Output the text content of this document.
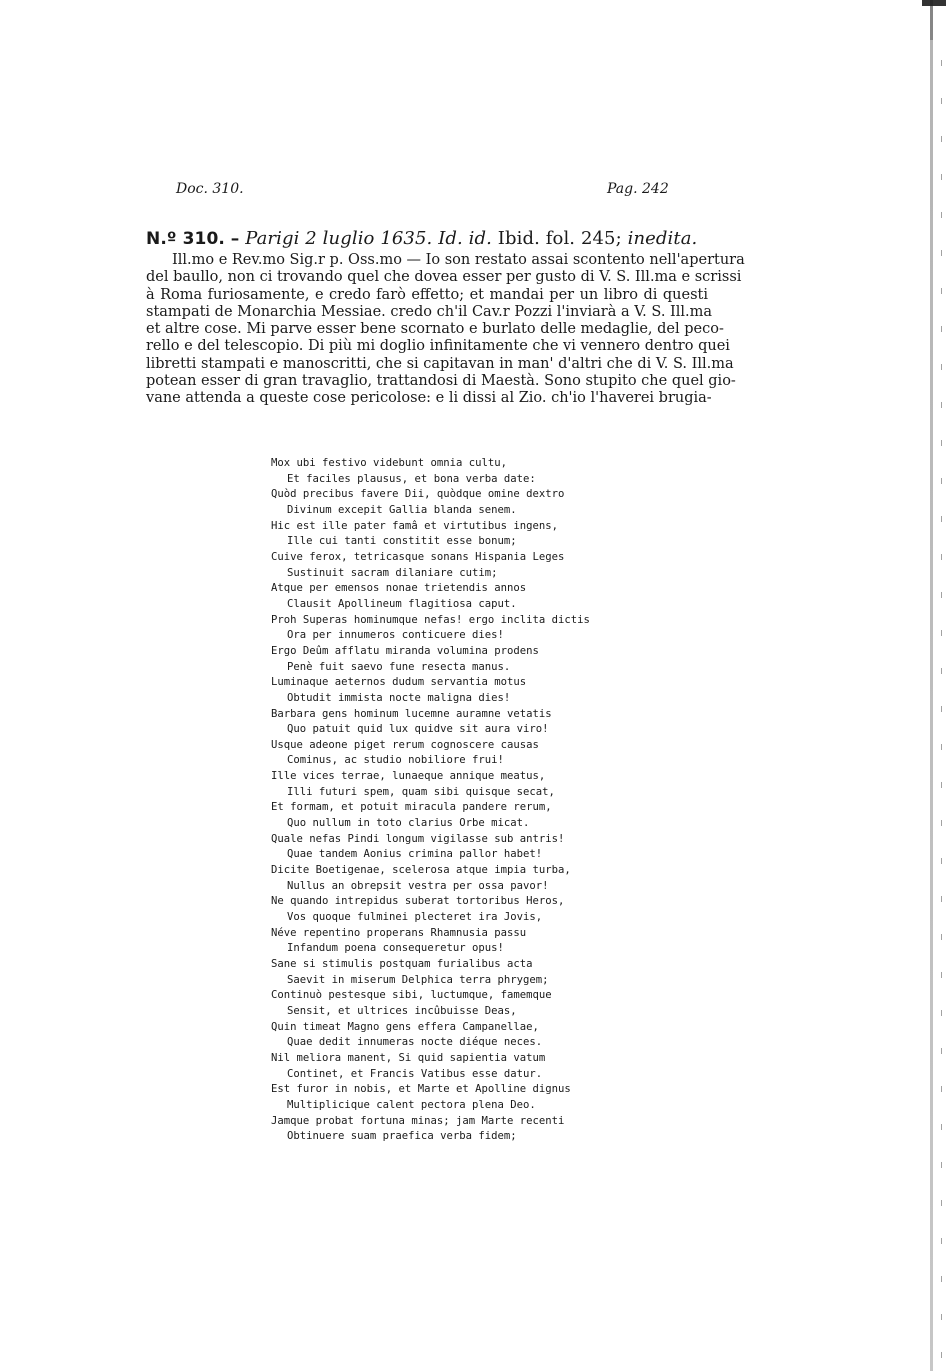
Doc. 310.	Pag. 242
N.º 310. – Parigi 2 luglio 1635. Id. id. Ibid. fol. 245; inedita.
Ill.mo e Rev.mo Sig.r p. Oss.mo — Io son restato assai scontento nell'apertura
del baullo, non ci trovando quel che dovea esser per gusto di V. S. Ill.ma e scrissi
à Roma furiosamente, e credo farò effetto; et mandai per un libro di questi
stampati de Monarchia Messiae. credo ch'il Cav.r Pozzi l'inviarà a V. S. Ill.ma
et altre cose. Mi parve esser bene scornato e burlato delle medaglie, del peco-
rello e del telescopio. Di più mi doglio infinitamente che vi vennero dentro quei
libretti stampati e manoscritti, che si capitavan in man' d'altri che di V. S. Ill.ma
potean esser di gran travaglio, trattandosi di Maestà. Sono stupito che quel gio-
vane attenda a queste cose pericolose: e li dissi al Zio. ch'io l'haverei brugia-
Mox ubi festivo videbunt omnia cultu,
Et faciles plausus, et bona verba date:
Quòd precibus favere Dii, quòdque omine dextro
Divinum excepit Gallia blanda senem.
Hic est ille pater famâ et virtutibus ingens,
Ille cui tanti constitit esse bonum;
Cuive ferox, tetricasque sonans Hispania Leges
Sustinuit sacram dilaniare cutim;
Atque per emensos nonae trietendis annos
Clausit Apollineum flagitiosa caput.
Proh Superas hominumque nefas! ergo inclita dictis
Ora per innumeros conticuere dies!
Ergo Deûm afflatu miranda volumina prodens
Penè fuit saevo fune resecta manus.
Luminaque aeternos dudum servantia motus
Obtudit immista nocte maligna dies!
Barbara gens hominum lucemne auramne vetatis
Quo patuit quid lux quidve sit aura viro!
Usque adeone piget rerum cognoscere causas
Cominus, ac studio nobiliore frui!
Ille vices terrae, lunaeque annique meatus,
Illi futuri spem, quam sibi quisque secat,
Et formam, et potuit miracula pandere rerum,
Quo nullum in toto clarius Orbe micat.
Quale nefas Pindi longum vigilasse sub antris!
Quae tandem Aonius crimina pallor habet!
Dicite Boetigenae, scelerosa atque impia turba,
Nullus an obrepsit vestra per ossa pavor!
Ne quando intrepidus suberat tortoribus Heros,
Vos quoque fulminei plecteret ira Jovis,
Néve repentino properans Rhamnusia passu
Infandum poena consequeretur opus!
Sane si stimulis postquam furialibus acta
Saevit in miserum Delphica terra phrygem;
Continuò pestesque sibi, luctumque, famemque
Sensit, et ultrices incûbuisse Deas,
Quin timeat Magno gens effera Campanellae,
Quae dedit innumeras nocte diéque neces.
Nil meliora manent, Si quid sapientia vatum
Continet, et Francis Vatibus esse datur.
Est furor in nobis, et Marte et Apolline dignus
Multiplicique calent pectora plena Deo.
Jamque probat fortuna minas; jam Marte recenti
Obtinuere suam praefica verba fidem;
